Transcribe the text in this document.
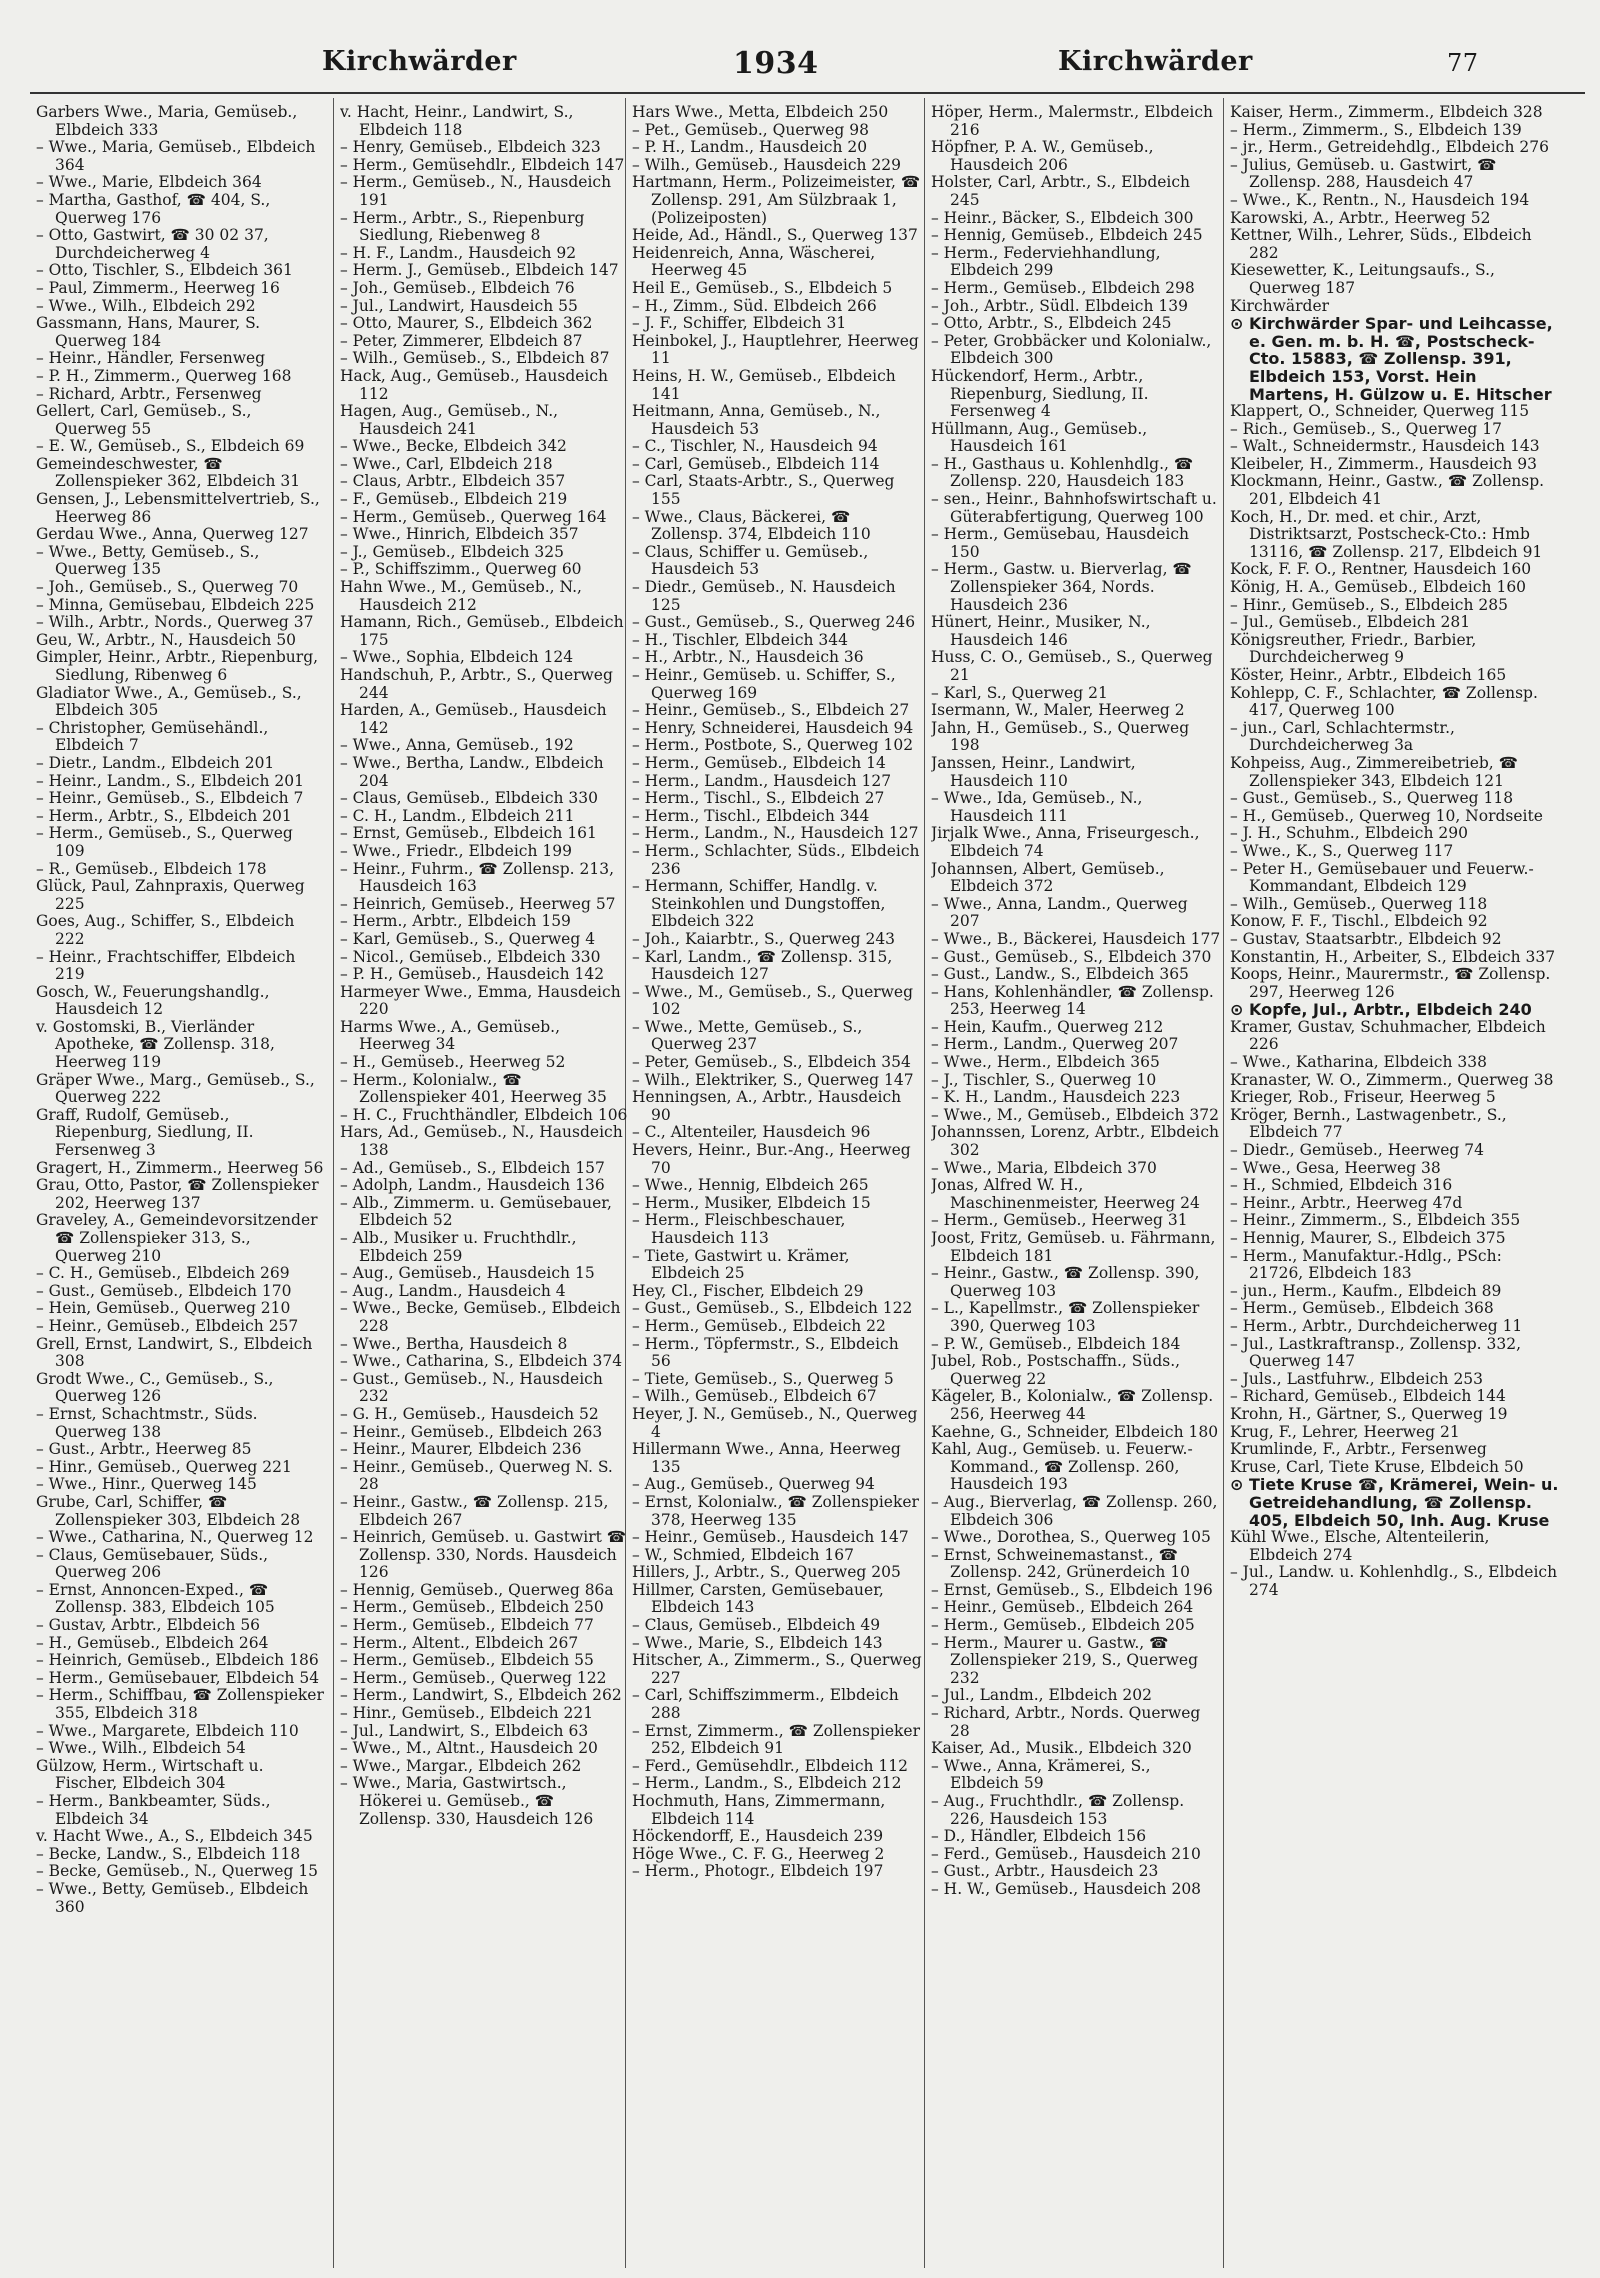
Kirchwärder	1934	Kirchwärder	77

Garbers Wwe., Maria, Gemüseb., Elbdeich 333

– Wwe., Maria, Gemüseb., Elbdeich 364

– Wwe., Marie, Elbdeich 364

– Martha, Gasthof, ☎ 404, S., Querweg 176

– Otto, Gastwirt, ☎ 30 02 37, Durchdeicherweg 4

– Otto, Tischler, S., Elbdeich 361

– Paul, Zimmerm., Heerweg 16

– Wwe., Wilh., Elbdeich 292

Gassmann, Hans, Maurer, S. Querweg 184

– Heinr., Händler, Fersenweg

– P. H., Zimmerm., Querweg 168

– Richard, Arbtr., Fersenweg

Gellert, Carl, Gemüseb., S., Querweg 55

– E. W., Gemüseb., S., Elbdeich 69

Gemeindeschwester, ☎ Zollenspieker 362, Elbdeich 31

Gensen, J., Lebensmittelvertrieb, S., Heerweg 86

Gerdau Wwe., Anna, Querweg 127

– Wwe., Betty, Gemüseb., S., Querweg 135

– Joh., Gemüseb., S., Querweg 70

– Minna, Gemüsebau, Elbdeich 225

– Wilh., Arbtr., Nords., Querweg 37

Geu, W., Arbtr., N., Hausdeich 50

Gimpler, Heinr., Arbtr., Riepenburg, Siedlung, Ribenweg 6

Gladiator Wwe., A., Gemüseb., S., Elbdeich 305

– Christopher, Gemüsehändl., Elbdeich 7

– Dietr., Landm., Elbdeich 201

– Heinr., Landm., S., Elbdeich 201

– Heinr., Gemüseb., S., Elbdeich 7

– Herm., Arbtr., S., Elbdeich 201

– Herm., Gemüseb., S., Querweg 109

– R., Gemüseb., Elbdeich 178

Glück, Paul, Zahnpraxis, Querweg 225

Goes, Aug., Schiffer, S., Elbdeich 222

– Heinr., Frachtschiffer, Elbdeich 219

Gosch, W., Feuerungshandlg., Hausdeich 12

v. Gostomski, B., Vierländer Apotheke, ☎ Zollensp. 318, Heerweg 119

Gräper Wwe., Marg., Gemüseb., S., Querweg 222

Graff, Rudolf, Gemüseb., Riepenburg, Siedlung, II. Fersenweg 3

Gragert, H., Zimmerm., Heerweg 56

Grau, Otto, Pastor, ☎ Zollenspieker 202, Heerweg 137

Graveley, A., Gemeindevorsitzender ☎ Zollenspieker 313, S., Querweg 210

– C. H., Gemüseb., Elbdeich 269

– Gust., Gemüseb., Elbdeich 170

– Hein, Gemüseb., Querweg 210

– Heinr., Gemüseb., Elbdeich 257

Grell, Ernst, Landwirt, S., Elbdeich 308

Grodt Wwe., C., Gemüseb., S., Querweg 126

– Ernst, Schachtmstr., Süds. Querweg 138

– Gust., Arbtr., Heerweg 85

– Hinr., Gemüseb., Querweg 221

– Wwe., Hinr., Querweg 145

Grube, Carl, Schiffer, ☎ Zollenspieker 303, Elbdeich 28

– Wwe., Catharina, N., Querweg 12

– Claus, Gemüsebauer, Süds., Querweg 206

– Ernst, Annoncen-Exped., ☎ Zollensp. 383, Elbdeich 105

– Gustav, Arbtr., Elbdeich 56

– H., Gemüseb., Elbdeich 264

– Heinrich, Gemüseb., Elbdeich 186

– Herm., Gemüsebauer, Elbdeich 54

– Herm., Schiffbau, ☎ Zollenspieker 355, Elbdeich 318

– Wwe., Margarete, Elbdeich 110

– Wwe., Wilh., Elbdeich 54

Gülzow, Herm., Wirtschaft u. Fischer, Elbdeich 304

– Herm., Bankbeamter, Süds., Elbdeich 34

v. Hacht Wwe., A., S., Elbdeich 345

– Becke, Landw., S., Elbdeich 118

– Becke, Gemüseb., N., Querweg 15

– Wwe., Betty, Gemüseb., Elbdeich 360

v. Hacht, Heinr., Landwirt, S., Elbdeich 118

– Henry, Gemüseb., Elbdeich 323

– Herm., Gemüsehdlr., Elbdeich 147

– Herm., Gemüseb., N., Hausdeich 191

– Herm., Arbtr., S., Riepenburg Siedlung, Riebenweg 8

– H. F., Landm., Hausdeich 92

– Herm. J., Gemüseb., Elbdeich 147

– Joh., Gemüseb., Elbdeich 76

– Jul., Landwirt, Hausdeich 55

– Otto, Maurer, S., Elbdeich 362

– Peter, Zimmerer, Elbdeich 87

– Wilh., Gemüseb., S., Elbdeich 87

Hack, Aug., Gemüseb., Hausdeich 112

Hagen, Aug., Gemüseb., N., Hausdeich 241

– Wwe., Becke, Elbdeich 342

– Wwe., Carl, Elbdeich 218

– Claus, Arbtr., Elbdeich 357

– F., Gemüseb., Elbdeich 219

– Herm., Gemüseb., Querweg 164

– Wwe., Hinrich, Elbdeich 357

– J., Gemüseb., Elbdeich 325

– P., Schiffszimm., Querweg 60

Hahn Wwe., M., Gemüseb., N., Hausdeich 212

Hamann, Rich., Gemüseb., Elbdeich 175

– Wwe., Sophia, Elbdeich 124

Handschuh, P., Arbtr., S., Querweg 244

Harden, A., Gemüseb., Hausdeich 142

– Wwe., Anna, Gemüseb., 192

– Wwe., Bertha, Landw., Elbdeich 204

– Claus, Gemüseb., Elbdeich 330

– C. H., Landm., Elbdeich 211

– Ernst, Gemüseb., Elbdeich 161

– Wwe., Friedr., Elbdeich 199

– Heinr., Fuhrm., ☎ Zollensp. 213, Hausdeich 163

– Heinrich, Gemüseb., Heerweg 57

– Herm., Arbtr., Elbdeich 159

– Karl, Gemüseb., S., Querweg 4

– Nicol., Gemüseb., Elbdeich 330

– P. H., Gemüseb., Hausdeich 142

Harmeyer Wwe., Emma, Hausdeich 220

Harms Wwe., A., Gemüseb., Heerweg 34

– H., Gemüseb., Heerweg 52

– Herm., Kolonialw., ☎ Zollenspieker 401, Heerweg 35

– H. C., Fruchthändler, Elbdeich 106

Hars, Ad., Gemüseb., N., Hausdeich 138

– Ad., Gemüseb., S., Elbdeich 157

– Adolph, Landm., Hausdeich 136

– Alb., Zimmerm. u. Gemüsebauer, Elbdeich 52

– Alb., Musiker u. Fruchthdlr., Elbdeich 259

– Aug., Gemüseb., Hausdeich 15

– Aug., Landm., Hausdeich 4

– Wwe., Becke, Gemüseb., Elbdeich 228

– Wwe., Bertha, Hausdeich 8

– Wwe., Catharina, S., Elbdeich 374

– Gust., Gemüseb., N., Hausdeich 232

– G. H., Gemüseb., Hausdeich 52

– Heinr., Gemüseb., Elbdeich 263

– Heinr., Maurer, Elbdeich 236

– Heinr., Gemüseb., Querweg N. S. 28

– Heinr., Gastw., ☎ Zollensp. 215, Elbdeich 267

– Heinrich, Gemüseb. u. Gastwirt ☎ Zollensp. 330, Nords. Hausdeich 126

– Hennig, Gemüseb., Querweg 86a

– Herm., Gemüseb., Elbdeich 250

– Herm., Gemüseb., Elbdeich 77

– Herm., Altent., Elbdeich 267

– Herm., Gemüseb., Elbdeich 55

– Herm., Gemüseb., Querweg 122

– Herm., Landwirt, S., Elbdeich 262

– Hinr., Gemüseb., Elbdeich 221

– Jul., Landwirt, S., Elbdeich 63

– Wwe., M., Altnt., Hausdeich 20

– Wwe., Margar., Elbdeich 262

– Wwe., Maria, Gastwirtsch., Hökerei u. Gemüseb., ☎ Zollensp. 330, Hausdeich 126

Hars Wwe., Metta, Elbdeich 250

– Pet., Gemüseb., Querweg 98

– P. H., Landm., Hausdeich 20

– Wilh., Gemüseb., Hausdeich 229

Hartmann, Herm., Polizeimeister, ☎ Zollensp. 291, Am Sülzbraak 1, (Polizeiposten)

Heide, Ad., Händl., S., Querweg 137

Heidenreich, Anna, Wäscherei, Heerweg 45

Heil E., Gemüseb., S., Elbdeich 5

– H., Zimm., Süd. Elbdeich 266

– J. F., Schiffer, Elbdeich 31

Heinbokel, J., Hauptlehrer, Heerweg 11

Heins, H. W., Gemüseb., Elbdeich 141

Heitmann, Anna, Gemüseb., N., Hausdeich 53

– C., Tischler, N., Hausdeich 94

– Carl, Gemüseb., Elbdeich 114

– Carl, Staats-Arbtr., S., Querweg 155

– Wwe., Claus, Bäckerei, ☎ Zollensp. 374, Elbdeich 110

– Claus, Schiffer u. Gemüseb., Hausdeich 53

– Diedr., Gemüseb., N. Hausdeich 125

– Gust., Gemüseb., S., Querweg 246

– H., Tischler, Elbdeich 344

– H., Arbtr., N., Hausdeich 36

– Heinr., Gemüseb. u. Schiffer, S., Querweg 169

– Heinr., Gemüseb., S., Elbdeich 27

– Henry, Schneiderei, Hausdeich 94

– Herm., Postbote, S., Querweg 102

– Herm., Gemüseb., Elbdeich 14

– Herm., Landm., Hausdeich 127

– Herm., Tischl., S., Elbdeich 27

– Herm., Tischl., Elbdeich 344

– Herm., Landm., N., Hausdeich 127

– Herm., Schlachter, Süds., Elbdeich 236

– Hermann, Schiffer, Handlg. v. Steinkohlen und Dungstoffen, Elbdeich 322

– Joh., Kaiarbtr., S., Querweg 243

– Karl, Landm., ☎ Zollensp. 315, Hausdeich 127

– Wwe., M., Gemüseb., S., Querweg 102

– Wwe., Mette, Gemüseb., S., Querweg 237

– Peter, Gemüseb., S., Elbdeich 354

– Wilh., Elektriker, S., Querweg 147

Henningsen, A., Arbtr., Hausdeich 90

– C., Altenteiler, Hausdeich 96

Hevers, Heinr., Bur.-Ang., Heerweg 70

– Wwe., Hennig, Elbdeich 265

– Herm., Musiker, Elbdeich 15

– Herm., Fleischbeschauer, Hausdeich 113

– Tiete, Gastwirt u. Krämer, Elbdeich 25

Hey, Cl., Fischer, Elbdeich 29

– Gust., Gemüseb., S., Elbdeich 122

– Herm., Gemüseb., Elbdeich 22

– Herm., Töpfermstr., S., Elbdeich 56

– Tiete, Gemüseb., S., Querweg 5

– Wilh., Gemüseb., Elbdeich 67

Heyer, J. N., Gemüseb., N., Querweg 4

Hillermann Wwe., Anna, Heerweg 135

– Aug., Gemüseb., Querweg 94

– Ernst, Kolonialw., ☎ Zollenspieker 378, Heerweg 135

– Heinr., Gemüseb., Hausdeich 147

– W., Schmied, Elbdeich 167

Hillers, J., Arbtr., S., Querweg 205

Hillmer, Carsten, Gemüsebauer, Elbdeich 143

– Claus, Gemüseb., Elbdeich 49

– Wwe., Marie, S., Elbdeich 143

Hitscher, A., Zimmerm., S., Querweg 227

– Carl, Schiffszimmerm., Elbdeich 288

– Ernst, Zimmerm., ☎ Zollenspieker 252, Elbdeich 91

– Ferd., Gemüsehdlr., Elbdeich 112

– Herm., Landm., S., Elbdeich 212

Hochmuth, Hans, Zimmermann, Elbdeich 114

Höckendorff, E., Hausdeich 239

Höge Wwe., C. F. G., Heerweg 2

– Herm., Photogr., Elbdeich 197

Höper, Herm., Malermstr., Elbdeich 216

Höpfner, P. A. W., Gemüseb., Hausdeich 206

Holster, Carl, Arbtr., S., Elbdeich 245

– Heinr., Bäcker, S., Elbdeich 300

– Hennig, Gemüseb., Elbdeich 245

– Herm., Federviehhandlung, Elbdeich 299

– Herm., Gemüseb., Elbdeich 298

– Joh., Arbtr., Südl. Elbdeich 139

– Otto, Arbtr., S., Elbdeich 245

– Peter, Grobbäcker und Kolonialw., Elbdeich 300

Hückendorf, Herm., Arbtr., Riepenburg, Siedlung, II. Fersenweg 4

Hüllmann, Aug., Gemüseb., Hausdeich 161

– H., Gasthaus u. Kohlenhdlg., ☎ Zollensp. 220, Hausdeich 183

– sen., Heinr., Bahnhofswirtschaft u. Güterabfertigung, Querweg 100

– Herm., Gemüsebau, Hausdeich 150

– Herm., Gastw. u. Bierverlag, ☎ Zollenspieker 364, Nords. Hausdeich 236

Hünert, Heinr., Musiker, N., Hausdeich 146

Huss, C. O., Gemüseb., S., Querweg 21

– Karl, S., Querweg 21

Isermann, W., Maler, Heerweg 2

Jahn, H., Gemüseb., S., Querweg 198

Janssen, Heinr., Landwirt, Hausdeich 110

– Wwe., Ida, Gemüseb., N., Hausdeich 111

Jirjalk Wwe., Anna, Friseurgesch., Elbdeich 74

Johannsen, Albert, Gemüseb., Elbdeich 372

– Wwe., Anna, Landm., Querweg 207

– Wwe., B., Bäckerei, Hausdeich 177

– Gust., Gemüseb., S., Elbdeich 370

– Gust., Landw., S., Elbdeich 365

– Hans, Kohlenhändler, ☎ Zollensp. 253, Heerweg 14

– Hein, Kaufm., Querweg 212

– Herm., Landm., Querweg 207

– Wwe., Herm., Elbdeich 365

– J., Tischler, S., Querweg 10

– K. H., Landm., Hausdeich 223

– Wwe., M., Gemüseb., Elbdeich 372

Johannssen, Lorenz, Arbtr., Elbdeich 302

– Wwe., Maria, Elbdeich 370

Jonas, Alfred W. H., Maschinenmeister, Heerweg 24

– Herm., Gemüseb., Heerweg 31

Joost, Fritz, Gemüseb. u. Fährmann, Elbdeich 181

– Heinr., Gastw., ☎ Zollensp. 390, Querweg 103

– L., Kapellmstr., ☎ Zollenspieker 390, Querweg 103

– P. W., Gemüseb., Elbdeich 184

Jubel, Rob., Postschaffn., Süds., Querweg 22

Kägeler, B., Kolonialw., ☎ Zollensp. 256, Heerweg 44

Kaehne, G., Schneider, Elbdeich 180

Kahl, Aug., Gemüseb. u. Feuerw.-Kommand., ☎ Zollensp. 260, Hausdeich 193

– Aug., Bierverlag, ☎ Zollensp. 260, Elbdeich 306

– Wwe., Dorothea, S., Querweg 105

– Ernst, Schweinemastanst., ☎ Zollensp. 242, Grünerdeich 10

– Ernst, Gemüseb., S., Elbdeich 196

– Heinr., Gemüseb., Elbdeich 264

– Herm., Gemüseb., Elbdeich 205

– Herm., Maurer u. Gastw., ☎ Zollenspieker 219, S., Querweg 232

– Jul., Landm., Elbdeich 202

– Richard, Arbtr., Nords. Querweg 28

Kaiser, Ad., Musik., Elbdeich 320

– Wwe., Anna, Krämerei, S., Elbdeich 59

– Aug., Fruchthdlr., ☎ Zollensp. 226, Hausdeich 153

– D., Händler, Elbdeich 156

– Ferd., Gemüseb., Hausdeich 210

– Gust., Arbtr., Hausdeich 23

– H. W., Gemüseb., Hausdeich 208

Kaiser, Herm., Zimmerm., Elbdeich 328

– Herm., Zimmerm., S., Elbdeich 139

– jr., Herm., Getreidehdlg., Elbdeich 276

– Julius, Gemüseb. u. Gastwirt, ☎ Zollensp. 288, Hausdeich 47

– Wwe., K., Rentn., N., Hausdeich 194

Karowski, A., Arbtr., Heerweg 52

Kettner, Wilh., Lehrer, Süds., Elbdeich 282

Kiesewetter, K., Leitungsaufs., S., Querweg 187

Kirchwärder

⊙ Kirchwärder Spar- und Leihcasse, e. Gen. m. b. H. ☎, Postscheck-Cto. 15883, ☎ Zollensp. 391, Elbdeich 153, Vorst. Hein Martens, H. Gülzow u. E. Hitscher

Klappert, O., Schneider, Querweg 115

– Rich., Gemüseb., S., Querweg 17

– Walt., Schneidermstr., Hausdeich 143

Kleibeler, H., Zimmerm., Hausdeich 93

Klockmann, Heinr., Gastw., ☎ Zollensp. 201, Elbdeich 41

Koch, H., Dr. med. et chir., Arzt, Distriktsarzt, Postscheck-Cto.: Hmb 13116, ☎ Zollensp. 217, Elbdeich 91

Kock, F. F. O., Rentner, Hausdeich 160

König, H. A., Gemüseb., Elbdeich 160

– Hinr., Gemüseb., S., Elbdeich 285

– Jul., Gemüseb., Elbdeich 281

Königsreuther, Friedr., Barbier, Durchdeicherweg 9

Köster, Heinr., Arbtr., Elbdeich 165

Kohlepp, C. F., Schlachter, ☎ Zollensp. 417, Querweg 100

– jun., Carl, Schlachtermstr., Durchdeicherweg 3a

Kohpeiss, Aug., Zimmereibetrieb, ☎ Zollenspieker 343, Elbdeich 121

– Gust., Gemüseb., S., Querweg 118

– H., Gemüseb., Querweg 10, Nordseite

– J. H., Schuhm., Elbdeich 290

– Wwe., K., S., Querweg 117

– Peter H., Gemüsebauer und Feuerw.-Kommandant, Elbdeich 129

– Wilh., Gemüseb., Querweg 118

Konow, F. F., Tischl., Elbdeich 92

– Gustav, Staatsarbtr., Elbdeich 92

Konstantin, H., Arbeiter, S., Elbdeich 337

Koops, Heinr., Maurermstr., ☎ Zollensp. 297, Heerweg 126

⊙ Kopfe, Jul., Arbtr., Elbdeich 240

Kramer, Gustav, Schuhmacher, Elbdeich 226

– Wwe., Katharina, Elbdeich 338

Kranaster, W. O., Zimmerm., Querweg 38

Krieger, Rob., Friseur, Heerweg 5

Kröger, Bernh., Lastwagenbetr., S., Elbdeich 77

– Diedr., Gemüseb., Heerweg 74

– Wwe., Gesa, Heerweg 38

– H., Schmied, Elbdeich 316

– Heinr., Arbtr., Heerweg 47d

– Heinr., Zimmerm., S., Elbdeich 355

– Hennig, Maurer, S., Elbdeich 375

– Herm., Manufaktur.-Hdlg., PSch: 21726, Elbdeich 183

– jun., Herm., Kaufm., Elbdeich 89

– Herm., Gemüseb., Elbdeich 368

– Herm., Arbtr., Durchdeicherweg 11

– Jul., Lastkraftransp., Zollensp. 332, Querweg 147

– Juls., Lastfuhrw., Elbdeich 253

– Richard, Gemüseb., Elbdeich 144

Krohn, H., Gärtner, S., Querweg 19

Krug, F., Lehrer, Heerweg 21

Krumlinde, F., Arbtr., Fersenweg

Kruse, Carl, Tiete Kruse, Elbdeich 50

⊙ Tiete Kruse ☎, Krämerei, Wein- u. Getreidehandlung, ☎ Zollensp. 405, Elbdeich 50, Inh. Aug. Kruse

Kühl Wwe., Elsche, Altenteilerin, Elbdeich 274

– Jul., Landw. u. Kohlenhdlg., S., Elbdeich 274
